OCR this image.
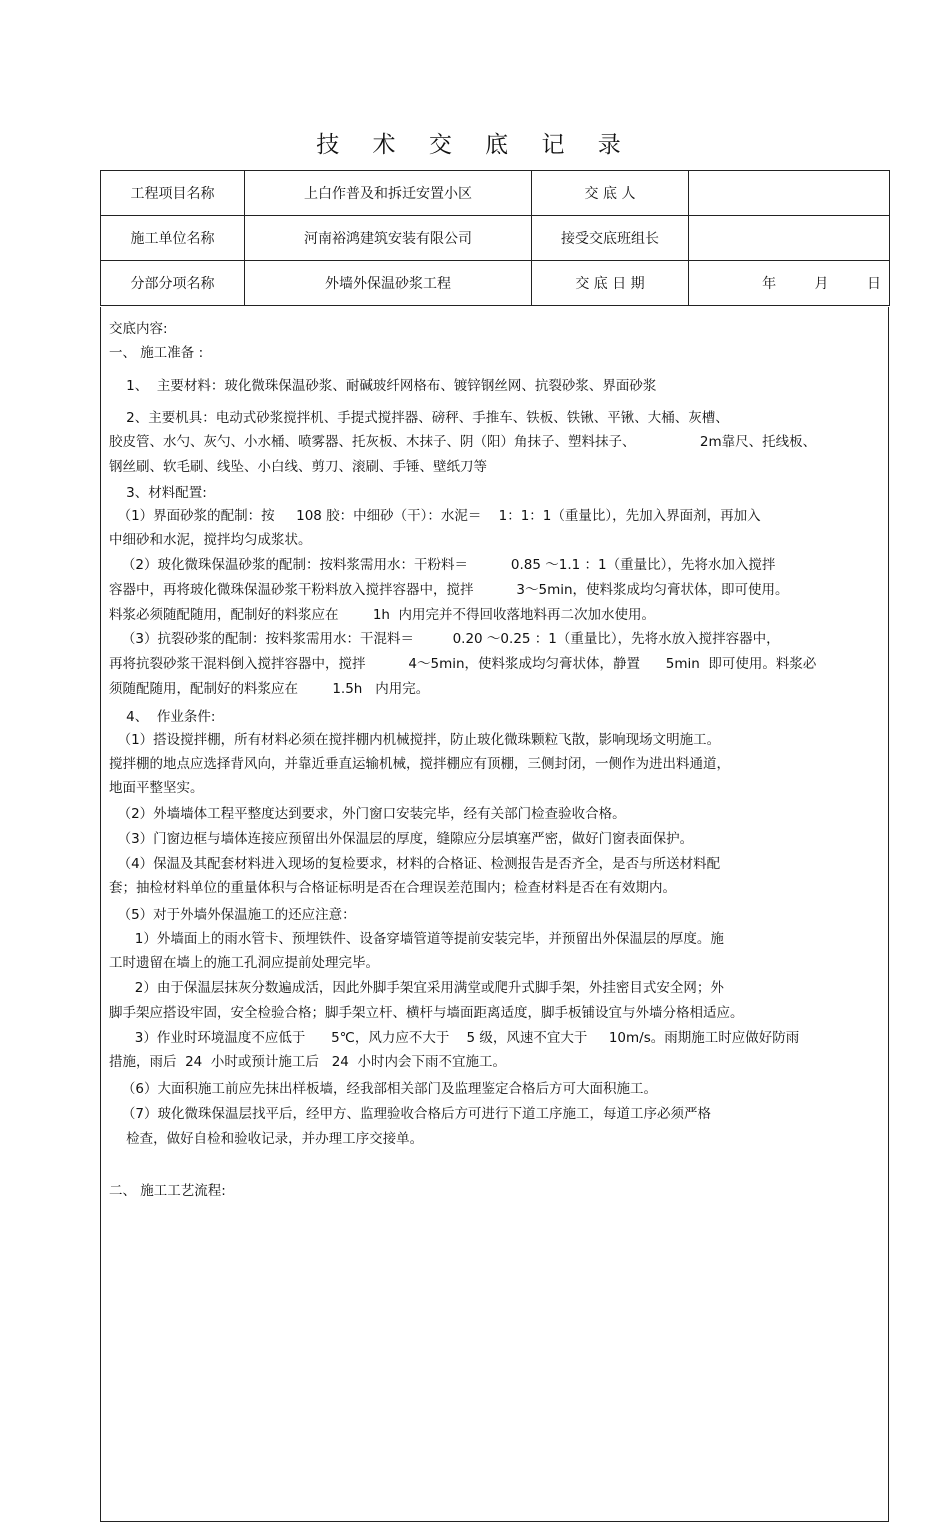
技 术 交 底 记 录
工程项目名称	上白作普及和拆迁安置小区	交 底 人	
施工单位名称	河南裕鸿建筑安装有限公司	接受交底班组长	
分部分项名称	外墙外保温砂浆工程	交 底 日 期	年 月 日
交底内容:
一、 施工准备 :
1、  主要材料：玻化微珠保温砂浆、耐碱玻纤网格布、镀锌钢丝网、抗裂砂浆、界面砂浆
2、主要机具：电动式砂浆搅拌机、手提式搅拌器、磅秤、手推车、铁板、铁锹、平锹、大桶、灰槽、
胶皮管、水勺、灰勺、小水桶、喷雾器、托灰板、木抹子、阴（阳）角抹子、塑料抹子、               2m靠尺、托线板、
钢丝刷、软毛刷、线坠、小白线、剪刀、滚刷、手锤、壁纸刀等
3、材料配置:
（1）界面砂浆的配制：按     108 胶：中细砂（干）：水泥＝    1：1：1（重量比），先加入界面剂，再加入
中细砂和水泥，搅拌均匀成浆状。
（2）玻化微珠保温砂浆的配制：按料浆需用水：干粉料＝          0.85 ～1.1 ：1（重量比），先将水加入搅拌
容器中，再将玻化微珠保温砂浆干粉料放入搅拌容器中，搅拌          3～5min，使料浆成均匀膏状体，即可使用。
料浆必须随配随用，配制好的料浆应在        1h  内用完并不得回收落地料再二次加水使用。
（3）抗裂砂浆的配制：按料浆需用水：干混料＝         0.20 ～0.25 ：1（重量比），先将水放入搅拌容器中，
再将抗裂砂浆干混料倒入搅拌容器中，搅拌          4～5min，使料浆成均匀膏状体，静置      5min  即可使用。料浆必
须随配随用，配制好的料浆应在        1.5h   内用完。
4、  作业条件:
（1）搭设搅拌棚，所有材料必须在搅拌棚内机械搅拌，防止玻化微珠颗粒飞散，影响现场文明施工。
搅拌棚的地点应选择背风向，并靠近垂直运输机械，搅拌棚应有顶棚，三侧封闭，一侧作为进出料通道，
地面平整坚实。
（2）外墙墙体工程平整度达到要求，外门窗口安装完毕，经有关部门检查验收合格。
（3）门窗边框与墙体连接应预留出外保温层的厚度，缝隙应分层填塞严密，做好门窗表面保护。
（4）保温及其配套材料进入现场的复检要求，材料的合格证、检测报告是否齐全，是否与所送材料配
套；抽检材料单位的重量体积与合格证标明是否在合理误差范围内；检查材料是否在有效期内。
（5）对于外墙外保温施工的还应注意：
1）外墙面上的雨水管卡、预埋铁件、设备穿墙管道等提前安装完毕，并预留出外保温层的厚度。施
工时遗留在墙上的施工孔洞应提前处理完毕。
2）由于保温层抹灰分数遍成活，因此外脚手架宜采用满堂或爬升式脚手架，外挂密目式安全网；外
脚手架应搭设牢固，安全检验合格；脚手架立杆、横杆与墙面距离适度，脚手板铺设宜与外墙分格相适应。
3）作业时环境温度不应低于      5℃，风力应不大于    5 级，风速不宜大于     10m/s。雨期施工时应做好防雨
措施，雨后  24  小时或预计施工后   24  小时内会下雨不宜施工。
（6）大面积施工前应先抹出样板墙，经我部相关部门及监理鉴定合格后方可大面积施工。
（7）玻化微珠保温层找平后，经甲方、监理验收合格后方可进行下道工序施工，每道工序必须严格
检查，做好自检和验收记录，并办理工序交接单。
二、 施工工艺流程:
